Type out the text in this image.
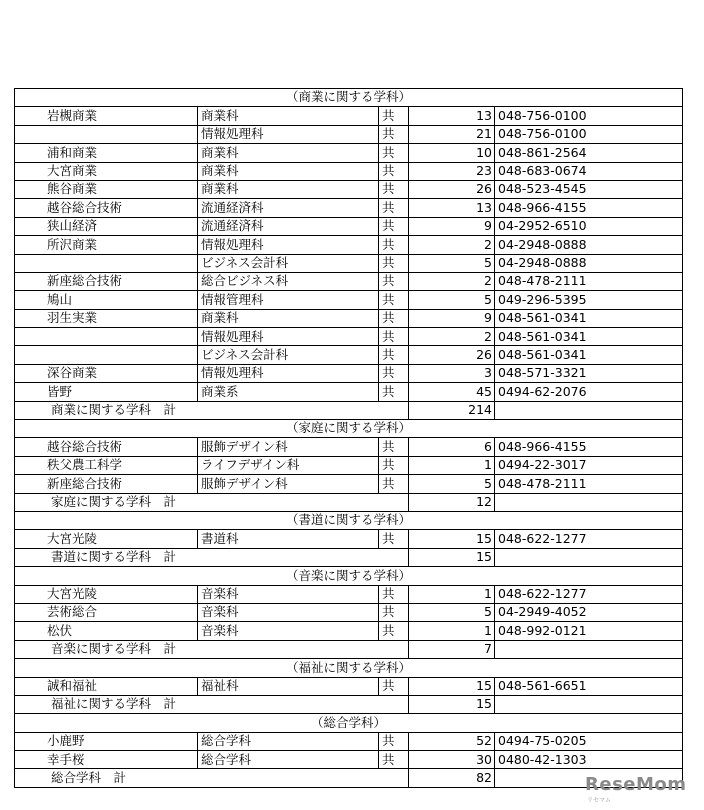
（商業に関する学科）				
岩槻商業	商業科	共	13	048-756-0100
	情報処理科	共	21	048-756-0100
浦和商業	商業科	共	10	048-861-2564
大宮商業	商業科	共	23	048-683-0674
熊谷商業	商業科	共	26	048-523-4545
越谷総合技術	流通経済科	共	13	048-966-4155
狭山経済	流通経済科	共	9	04-2952-6510
所沢商業	情報処理科	共	2	04-2948-0888
	ビジネス会計科	共	5	04-2948-0888
新座総合技術	総合ビジネス科	共	2	048-478-2111
鳩山	情報管理科	共	5	049-296-5395
羽生実業	商業科	共	9	048-561-0341
	情報処理科	共	2	048-561-0341
	ビジネス会計科	共	26	048-561-0341
深谷商業	情報処理科	共	3	048-571-3321
皆野	商業系	共	45	0494-62-2076
商業に関する学科　計			214	
（家庭に関する学科）				
越谷総合技術	服飾デザイン科	共	6	048-966-4155
秩父農工科学	ライフデザイン科	共	1	0494-22-3017
新座総合技術	服飾デザイン科	共	5	048-478-2111
家庭に関する学科　計			12	
（書道に関する学科）				
大宮光陵	書道科	共	15	048-622-1277
書道に関する学科　計			15	
（音楽に関する学科）				
大宮光陵	音楽科	共	1	048-622-1277
芸術総合	音楽科	共	5	04-2949-4052
松伏	音楽科	共	1	048-992-0121
音楽に関する学科　計			7	
（福祉に関する学科）				
誠和福祉	福祉科	共	15	048-561-6651
福祉に関する学科　計			15	
（総合学科）				
小鹿野	総合学科	共	52	0494-75-0205
幸手桜	総合学科	共	30	0480-42-1303
総合学科　計			82		ReseMom
リセマム
